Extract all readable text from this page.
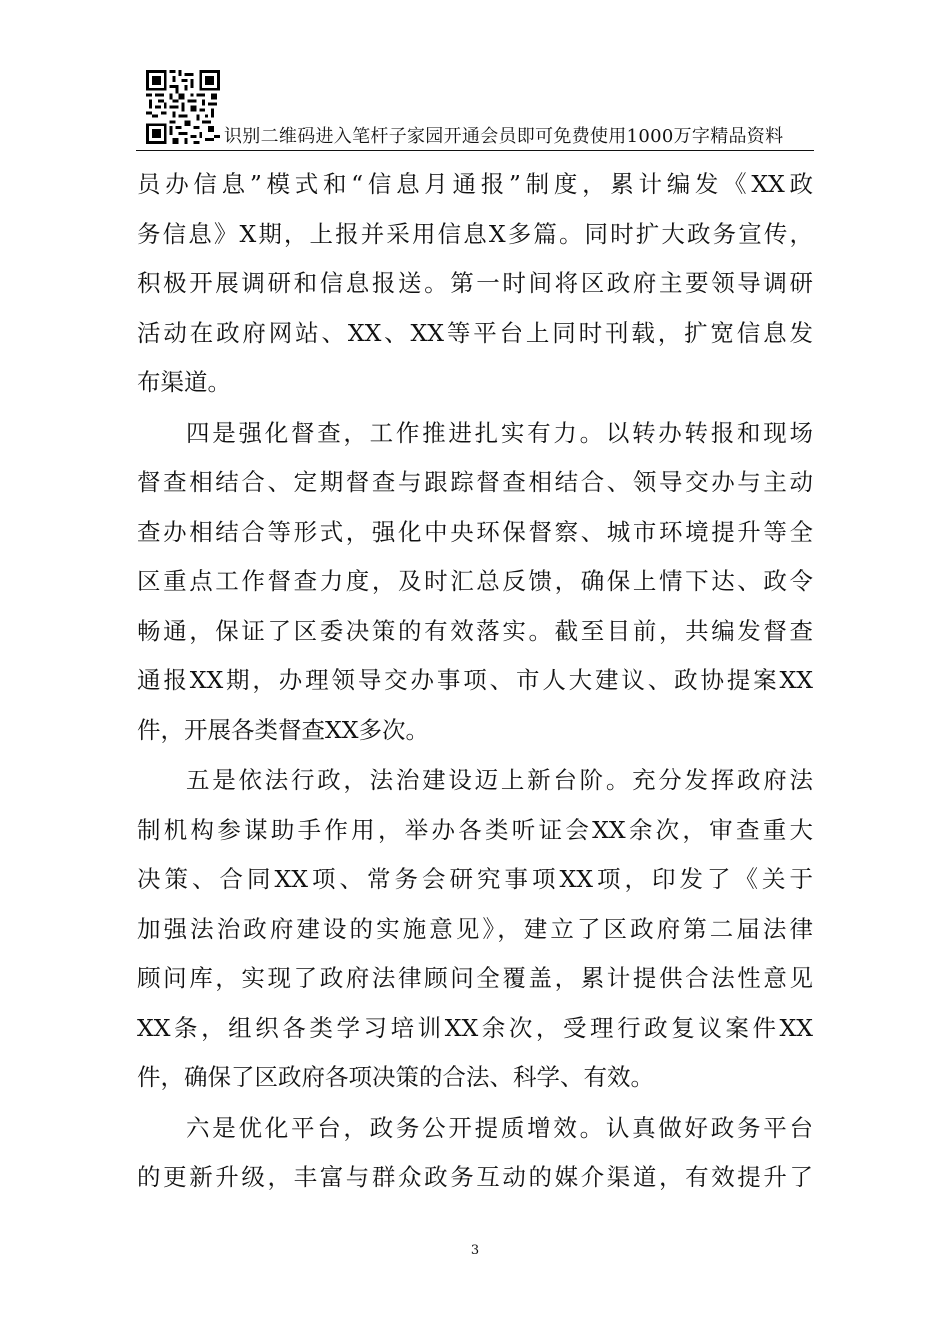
识别二维码进入笔杆子家园开通会员即可免费使用1000万字精品资料
员办信息”模式和“信息月通报”制度，累计编发《XX政
务信息》X期，上报并采用信息X多篇。同时扩大政务宣传，
积极开展调研和信息报送。第一时间将区政府主要领导调研
活动在政府网站、XX、XX等平台上同时刊载，扩宽信息发
布渠道。
四是强化督查，工作推进扎实有力。以转办转报和现场
督查相结合、定期督查与跟踪督查相结合、领导交办与主动
查办相结合等形式，强化中央环保督察、城市环境提升等全
区重点工作督查力度，及时汇总反馈，确保上情下达、政令
畅通，保证了区委决策的有效落实。截至目前，共编发督查
通报XX期，办理领导交办事项、市人大建议、政协提案XX
件，开展各类督查XX多次。
五是依法行政，法治建设迈上新台阶。充分发挥政府法
制机构参谋助手作用，举办各类听证会XX余次，审查重大
决策、合同XX项、常务会研究事项XX项，印发了《关于
加强法治政府建设的实施意见》，建立了区政府第二届法律
顾问库，实现了政府法律顾问全覆盖，累计提供合法性意见
XX条，组织各类学习培训XX余次，受理行政复议案件XX
件，确保了区政府各项决策的合法、科学、有效。
六是优化平台，政务公开提质增效。认真做好政务平台
的更新升级，丰富与群众政务互动的媒介渠道，有效提升了
3
